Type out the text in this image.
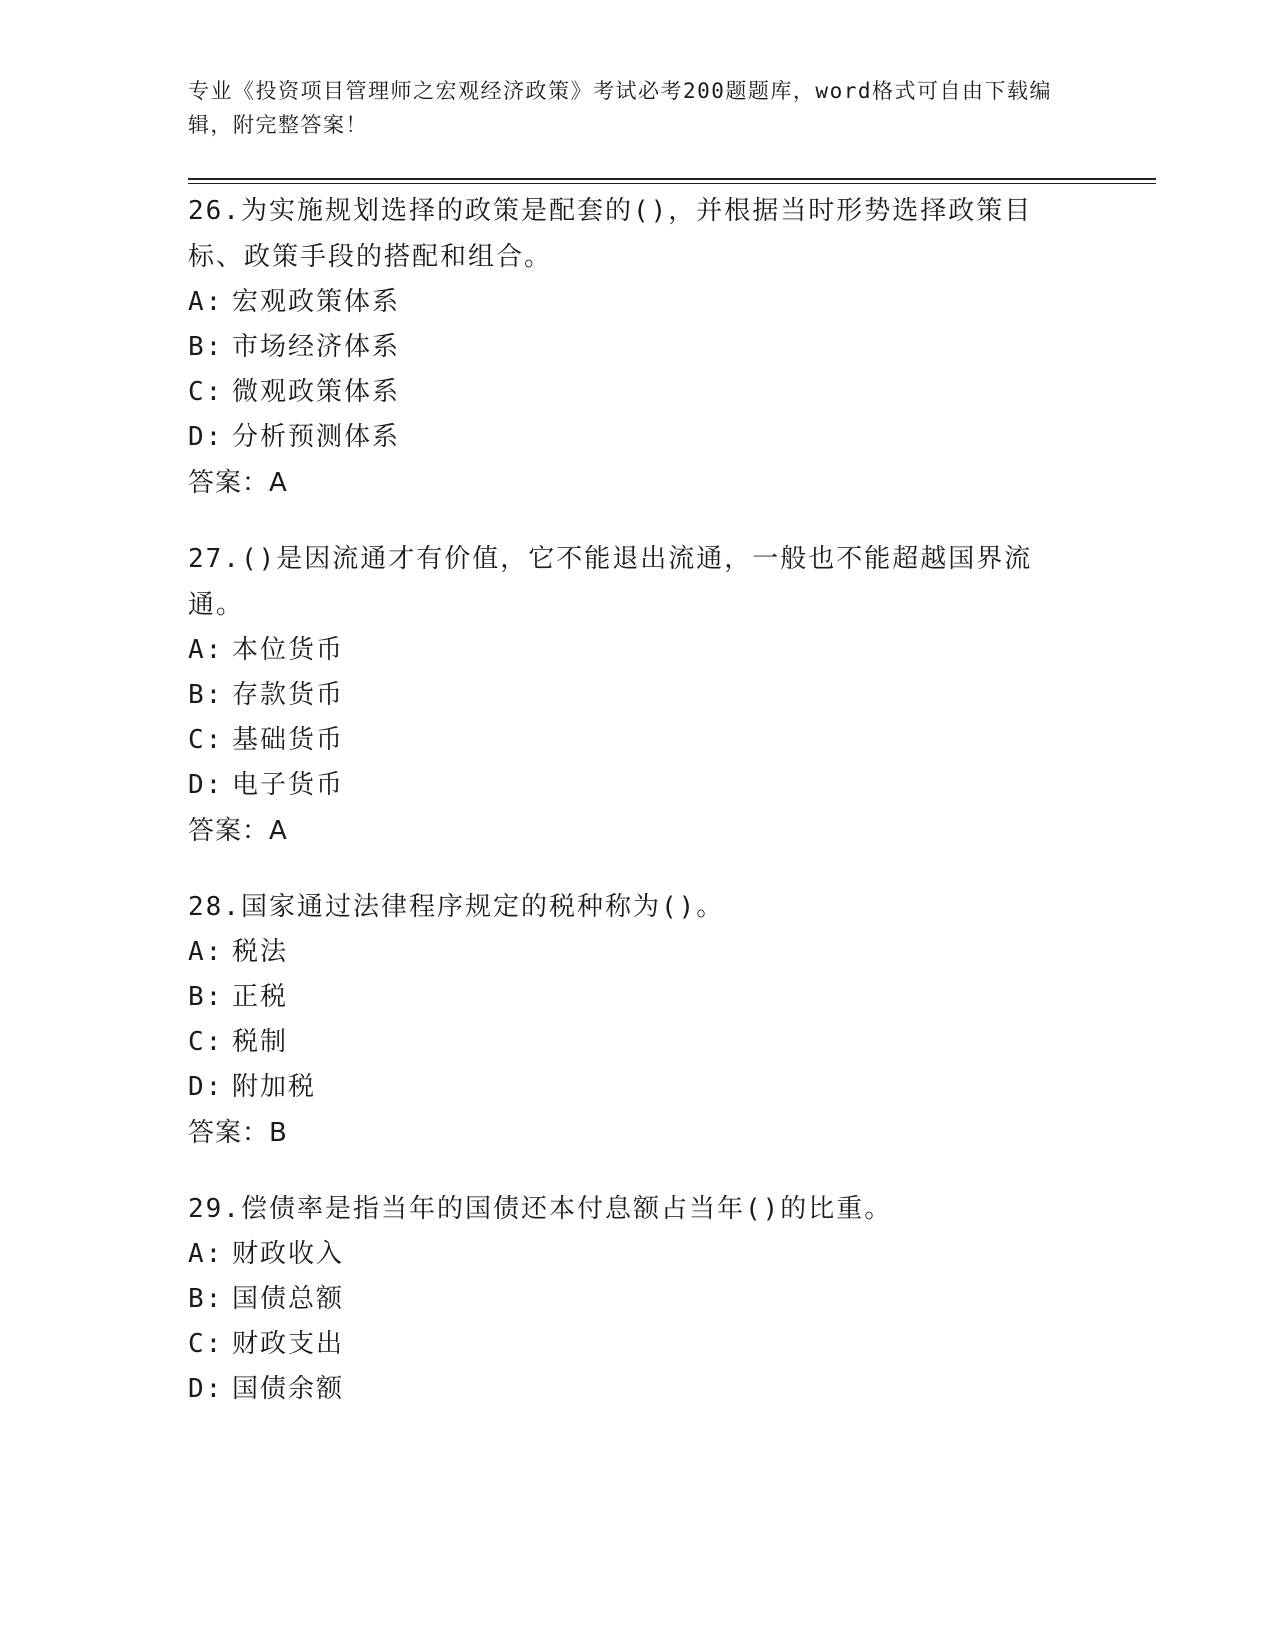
专业《投资项目管理师之宏观经济政策》考试必考200题题库，word格式可自由下载编辑，附完整答案！

26.为实施规划选择的政策是配套的()，并根据当时形势选择政策目标、政策手段的搭配和组合。

A: 宏观政策体系

B: 市场经济体系

C: 微观政策体系

D: 分析预测体系

答案：A

27.()是因流通才有价值，它不能退出流通，一般也不能超越国界流通。

A: 本位货币

B: 存款货币

C: 基础货币

D: 电子货币

答案：A

28.国家通过法律程序规定的税种称为()。

A: 税法

B: 正税

C: 税制

D: 附加税

答案：B

29.偿债率是指当年的国债还本付息额占当年()的比重。

A: 财政收入

B: 国债总额

C: 财政支出

D: 国债余额
